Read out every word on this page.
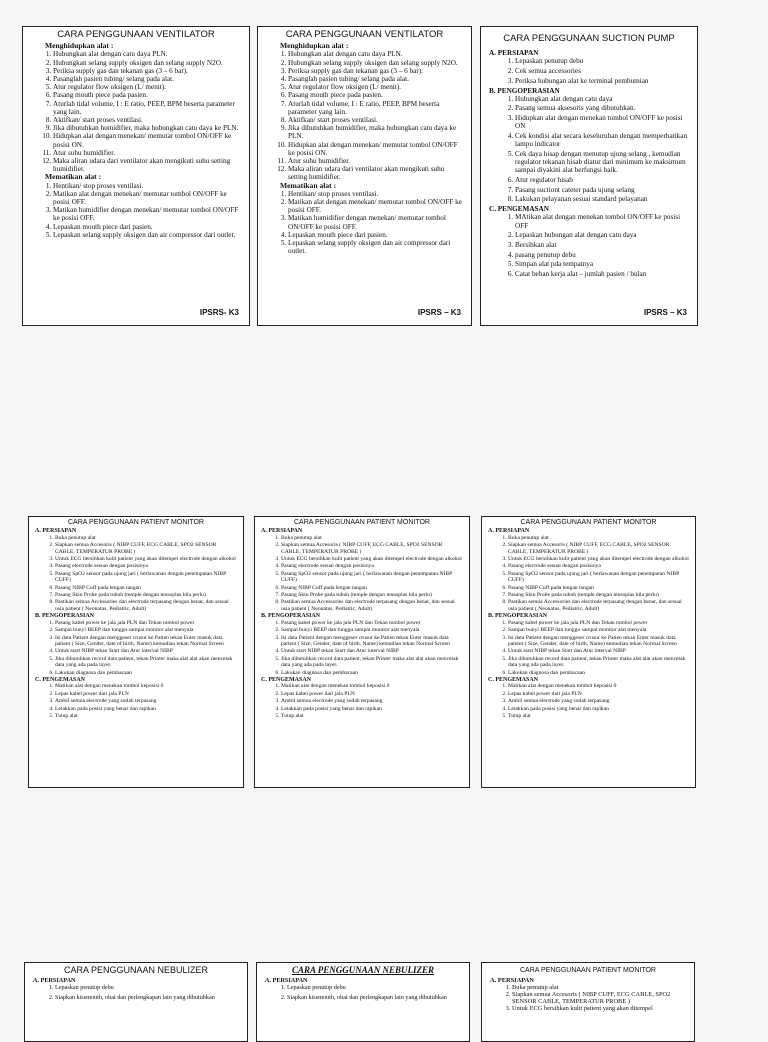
CARA PENGGUNAAN VENTILATOR
Menghidupkan alat :
1. Hubungkan alat dengan catu daya PLN.
2. Hubungkan selang supply oksigen dan selang supply N2O.
3. Periksa supply gas dan tekanan gas (3 – 6 bar).
4. Pasanglah pasien tubing/ selang pada alat.
5. Atur regulator flow oksigen (L/ menit).
6. Pasang mouth piece pada pasien.
7. Aturlah tidal volume, I : E ratio, PEEP, BPM beserta parameter yang lain.
8. Aktifkan/ start proses ventilasi.
9. Jika dibutuhkan humidifier, maka hubungkan catu daya ke PLN.
10. Hidupkan alat dengan menekan/ memutar tombol ON/OFF ke posisi ON.
11. Atur suhu humidifier.
12. Maka aliran udara dari ventilator akan mengikuti suhu setting humidifier.
Mematikan alat :
1. Hentikan/ stop proses ventilasi.
2. Matikan alat dengan menekan/ memutar tombol ON/OFF ke posisi OFF.
3. Matikan humidifier dengan menekan/ memutar tombol ON/OFF ke posisi OFF.
4. Lepaskan mouth piece dari pasien.
5. Lepaskan selang supply oksigen dan air compressor dari outlet.
IPSRS- K3
CARA PENGGUNAAN VENTILATOR
Menghidupkan alat :
1. Hubungkan alat dengan catu daya PLN.
2. Hubungkan selang supply oksigen dan selang supply N2O.
3. Periksa supply gas dan tekanan gas (3 – 6 bar).
4. Pasanglah pasien tubing/ selang pada alat.
5. Atur regulator flow oksigen (L/ menit).
6. Pasang mouth piece pada pasien.
7. Aturlah tidal volume, I : E ratio, PEEP, BPM beserta parameter yang lain.
8. Aktifkan/ start proses ventilasi.
9. Jika dibutuhkan humidifier, maka hubungkan catu daya ke PLN.
10. Hidupkan alat dengan menekan/ memutar tombol ON/OFF ke posisi ON.
11. Atur suhu humidifier.
12. Maka aliran udara dari ventilator akan mengikuti suhu setting humidifier.
Mematikan alat :
1. Hentikan/ stop proses ventilasi.
2. Matikan alat dengan menekan/ memutar tombol ON/OFF ke posisi OFF.
3. Matikan humidifier dengan menekan/ memutar tombol ON/OFF ke posisi OFF.
4. Lepaskan mouth piece dari pasien.
5. Lepaskan selang supply oksigen dan air compressor dari outlet.
IPSRS – K3
CARA PENGGUNAAN SUCTION PUMP
A. PERSIAPAN
1. Lepaskan penutup debu
2. Cek semua accessories
3. Periksa hubungan alat ke terminal pembumian
B. PENGOPERASIAN
1. Hubungkan alat dengan catu daya
2. Pasang semua aksesoris yang dibutuhkan.
3. Hidupkan alat dengan menekan tombol ON/OFF ke posisi ON
4. Cek kondisi alat secara keseluruhan dengan memperhatikan lampu indicator
5. Cek daya hisap dengan menutup ujung selang , kemudian regulator tekanan hisab diatur dari minimum ke maksimum sampai diyakini alat berfungsi baik.
6. Atur regulator hisab
7. Pasang suctiont cateter pada ujung selang
8. Lakukan pelayanan sesuai standard pelayanan
C. PENGEMASAN
1. MAtikan alat dengan menekan tombol ON/OFF ke posisi OFF
2. Lepaskan hubungan alat dengan catu daya
3. Bersihkan alat
4. pasang penutup debu
5. Simpan alat pda tempatnya
6. Catat beban kerja alat – jumlah pasien / bulan
IPSRS – K3
CARA PENGGUNAAN PATIENT MONITOR
A. PERSIAPAN
1. Buka penutup alat
2. Siapkan semua Accesoris ( NIBP CUFF, ECG CABLE, SPO2 SENSOR CABLE, TEMPERATUR PROBE )
3. Untuk ECG bersihkan kulit patient yang akan ditempel electrode dengan alkohol
4. Pasang electrode sesuai dengan posisinya
5. Pasang SpO2 sensor pada ujung jari ( berlawanan dengan penempatan NIBP CUFF)
6. Pasang NIBP Cuff pada lengan tangan
7. Pasang Skin Probe pada tubuh (temple dengan tensoplas bila perlu)
8. Pastikan semua Accessories dan electrode terpasang dengan benar, dan sesuai usia patient ( Neonatus, Pediatric, Adult)
B. PENGOPERASIAN
1. Pasang kabel power ke jala jala PLN dan Tekan tombol power
2. Sampai bunyi BEEP dan tunggu sampai monitor alat menyala
3. Isi data Patient dengan menggeser crusur ke Patien tekan Enter masuk data patient ( Size, Gender, date of birth, Name) kemudian tekan Normal Screen
4. Untuk start NIBP tekan Start dan Atur interval NIBP
5. Jika dibutuhkan record data patient, tekan Printer maka alat alat akan mencetak data yang ada pada layer.
6. Lakukan diagnosa dan pembacaan
C. PENGEMASAN
1. Matikan alat dengan menekan tombol keposisi 0
2. Lepas kabel power dari jala PLN
3. Ambil semua electrode yang sudah terpasang
4. Letakkan pada posisi yang benar dan rapikan
5. Tutup alat
CARA PENGGUNAAN PATIENT MONITOR
A. PERSIAPAN
1. Buka penutup alat
2. Siapkan semua Accesoris ( NIBP CUFF, ECG CABLE, SPO2 SENSOR CABLE, TEMPERATUR PROBE )
3. Untuk ECG bersihkan kulit patient yang akan ditempel electrode dengan alkohol
4. Pasang electrode sesuai dengan posisinya
5. Pasang SpO2 sensor pada ujung jari ( berlawanan dengan penempatan NIBP CUFF)
6. Pasang NIBP Cuff pada lengan tangan
7. Pasang Skin Probe pada tubuh (temple dengan tensoplas bila perlu)
8. Pastikan semua Accessories dan electrode terpasang dengan benar, dan sesuai usia patient ( Neonatus, Pediatric, Adult)
B. PENGOPERASIAN
1. Pasang kabel power ke jala jala PLN dan Tekan tombol power
2. Sampai bunyi BEEP dan tunggu sampai monitor alat menyala
3. Isi data Patient dengan menggeser crusur ke Patien tekan Enter masuk data patient ( Size, Gender, date of birth, Name) kemudian tekan Normal Screen
4. Untuk start NIBP tekan Start dan Atur interval NIBP
5. Jika dibutuhkan record data patient, tekan Printer maka alat alat akan mencetak data yang ada pada layer.
6. Lakukan diagnosa dan pembacaan
C. PENGEMASAN
1. Matikan alat dengan menekan tombol keposisi 0
2. Lepas kabel power dari jala PLN
3. Ambil semua electrode yang sudah terpasang
4. Letakkan pada posisi yang benar dan rapikan
5. Tutup alat
CARA PENGGUNAAN PATIENT MONITOR
A. PERSIAPAN
1. Buka penutup alat
2. Siapkan semua Accesoris ( NIBP CUFF, ECG CABLE, SPO2 SENSOR CABLE, TEMPERATUR PROBE )
3. Untuk ECG bersihkan kulit patient yang akan ditempel electrode dengan alkohol
4. Pasang electrode sesuai dengan posisinya
5. Pasang SpO2 sensor pada ujung jari ( berlawanan dengan penempatan NIBP CUFF)
6. Pasang NIBP Cuff pada lengan tangan
7. Pasang Skin Probe pada tubuh (temple dengan tensoplas bila perlu)
8. Pastikan semua Accessories dan electrode terpasang dengan benar, dan sesuai usia patient ( Neonatus, Pediatric, Adult)
B. PENGOPERASIAN
1. Pasang kabel power ke jala jala PLN dan Tekan tombol power
2. Sampai bunyi BEEP dan tunggu sampai monitor alat menyala
3. Isi data Patient dengan menggeser crusur ke Patien tekan Enter masuk data patient ( Size, Gender, date of birth, Name) kemudian tekan Normal Screen
4. Untuk start NIBP tekan Start dan Atur interval NIBP
5. Jika dibutuhkan record data patient, tekan Printer maka alat alat akan mencetak data yang ada pada layer.
6. Lakukan diagnosa dan pembacaan
C. PENGEMASAN
1. Matikan alat dengan menekan tombol keposisi 0
2. Lepas kabel power dari jala PLN
3. Ambil semua electrode yang sudah terpasang
4. Letakkan pada posisi yang benar dan rapikan
5. Tutup alat
CARA PENGGUNAAN NEBULIZER
A. PERSIAPAN
1. Lepaskan penutup debu
2. Siapkan kissmouth, obat dan perlengkapan lain yang dibutuhkan
CARA PENGGUNAAN NEBULIZER
A. PERSIAPAN
1. Lepaskan penutup debu
2. Siapkan kissmouth, obat dan perlengkapan lain yang dibutuhkan
CARA PENGGUNAAN PATIENT MONITOR
A. PERSIAPAN
1. Buka penutup alat
2. Siapkan semua Accesoris ( NIBP CUFF, ECG CABLE, SPO2 SENSOR CABLE, TEMPERATUR PROBE )
3. Untuk ECG bersihkan kulit patient yang akan ditempel
